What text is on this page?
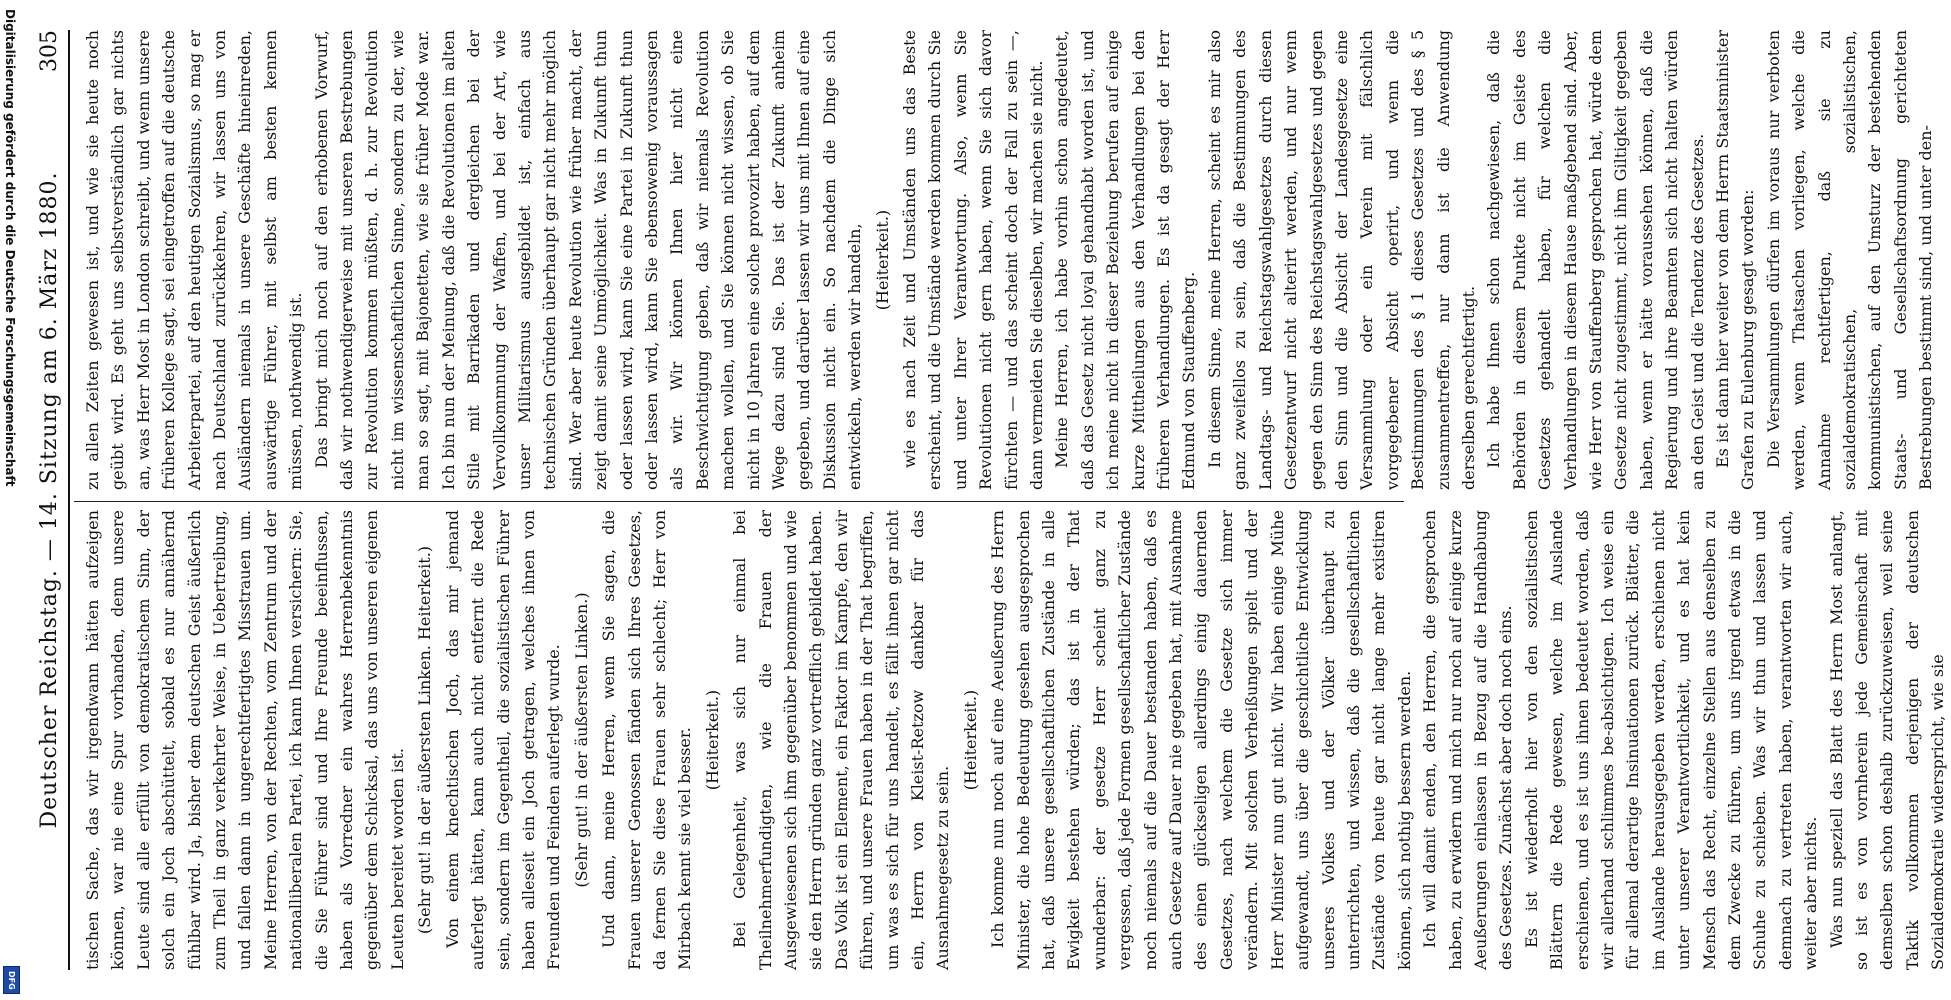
Digitalisierung gefördert durch die Deutsche Forschungsgemeinschaft
DFG
Deutscher Reichstag. — 14. Sitzung am 6. März 1880.
305

tischen Sache, das wir irgendwann hätten aufzeigen können, war nie eine Spur vorhanden, denn unsere Leute sind alle erfüllt von demokratischem Sinn, der solch ein Joch abschüttelt, sobald es nur annähernd fühlbar wird. Ja, bisher dem deutschen Geist äußerlich zum Theil in ganz verkehrter Weise, in Uebertreibung, und fallen dann in ungerechtfertigtes Misstrauen um. Meine Herren, von der Rechten, vom Zentrum und der nationalliberalen Partei, ich kann Ihnen versichern: Sie, die Sie Führer sind und Ihre Freunde beeinflussen, haben als Vorredner ein wahres Herrenbekenntnis gegenüber dem Schicksal, das uns von unseren eigenen Leuten bereitet worden ist. (Sehr gut! in der äußersten Linken. Heiterkeit.) Von einem knechtischen Joch, das mir jemand auferlegt hätten, kann auch nicht entfernt die Rede sein, sondern im Gegentheil, die sozialistischen Führer haben alleseit ein Joch getragen, welches ihnen von Freunden und Feinden auferlegt wurde. (Sehr gut! in der äußersten Linken.) Und dann, meine Herren, wenn Sie sagen, die Frauen unserer Genossen fänden sich Ihres Gesetzes, da fernen Sie diese Frauen sehr schlecht; Herr von Mirbach kennt sie viel besser. (Heiterkeit.) Bei Gelegenheit, was sich nur einmal bei Theilnehmerfundigten, wie die Frauen der Ausgewiesenen sich ihm gegenüber benommen und wie sie den Herrn gründen ganz vortrefflich gebildet haben. Das Volk ist ein Element, ein Faktor im Kampfe, den wir führen, und unsere Frauen haben in der That begriffen, um was es sich für uns handelt, es fällt ihnen gar nicht ein, Herrn von Kleist-Retzow dankbar für das Ausnahmegesetz zu sein.

(Heiterkeit.) Ich komme nun noch auf eine Aeußerung des Herrn Minister, die hohe Bedeutung gesehen ausgesprochen hat, daß unsere gesellschaftlichen Zustände in alle Ewigkeit bestehen würden; das ist in der That wunderbar: der gesetze Herr scheint ganz zu vergessen, daß jede Formen gesellschaftlicher Zustände noch niemals auf die Dauer bestanden haben, daß es auch Gesetze auf Dauer nie gegeben hat, mit Ausnahme des einen glückseligen allerdings einig dauernden Gesetzes, nach welchem die Gesetze sich immer verändern. Mit solchen Verheißungen spielt und der Herr Minister nun gut nicht. Wir haben einige Mühe aufgewandt, uns über die geschichtliche Entwicklung unseres Volkes und der Völker überhaupt zu unterrichten, und wissen, daß die gesellschaftlichen Zustände von heute gar nicht lange mehr existiren können, sich nothig bessern werden. Ich will damit enden, den Herren, die gesprochen haben, zu erwidern und mich nur noch auf einige kurze Aeußerungen einlassen in Bezug auf die Handhabung des Gesetzes. Zunächst aber doch noch eins. Es ist wiederholt hier von den sozialistischen Blättern die Rede gewesen, welche im Auslande erschienen, und es ist uns ihnen bedeutet worden, daß wir allerhand schlimmes be-absichtigen. Ich weise ein für allemal derartige Insinuationen zurück. Blätter, die im Auslande herausgegeben werden, erschienen nicht unter unserer Verantwortlichkeit, und es hat kein Mensch das Recht, einzelne Stellen aus denselben zu dem Zwecke zu führen, um uns irgend etwas in die Schuhe zu schieben. Was wir thun und lassen und demnach zu vertreten haben, verantworten wir auch, weiter aber nichts. Was nun speziell das Blatt des Herrn Most anlangt, so ist es von vornherein jede Gemeinschaft mit demselben schon deshalb zurückzuweisen, weil seine Taktik vollkommen derjenigen der deutschen Sozialdemokratie widerspricht, wie sie

zu allen Zeiten gewesen ist, und wie sie heute noch geübt wird. Es geht uns selbstverständlich gar nichts an, was Herr Most in London schreibt, und wenn unsere früheren Kollege sagt, sei eingetroffen auf die deutsche Arbeiterpartei, auf den heutigen Sozialismus, so mag er nach Deutschland zurückkehren, wir lassen uns von Ausländern niemals in unsere Geschäfte hineinreden, auswärtige Führer, mit selbst am besten kennen müssen, nothwendig ist. Das bringt mich noch auf den erhobenen Vorwurf, daß wir nothwendigerweise mit unseren Bestrebungen zur Revolution kommen müßten, d. h. zur Revolution nicht im wissenschaftlichen Sinne, sondern zu der, wie man so sagt, mit Bajonetten, wie sie früher Mode war. Ich bin nun der Meinung, daß die Revolutionen im alten Stile mit Barrikaden und dergleichen bei der Vervollkommnung der Waffen, und bei der Art, wie unser Militarismus ausgebildet ist, einfach aus technischen Gründen überhaupt gar nicht mehr möglich sind. Wer aber heute Revolution wie früher macht, der zeigt damit seine Unmöglichkeit. Was in Zukunft thun oder lassen wird, kann Sie eine Partei in Zukunft thun oder lassen wird, kann Sie ebensowenig voraussagen als wir. Wir können Ihnen hier nicht eine Beschwichtigung geben, daß wir niemals Revolution machen wollen, und Sie können nicht wissen, ob Sie nicht in 10 Jahren eine solche provozirt haben, auf dem Wege dazu sind Sie. Das ist der Zukunft anheim gegeben, und darüber lassen wir uns mit Ihnen auf eine Diskussion nicht ein. So nachdem die Dinge sich entwickeln, werden wir handeln, (Heiterkeit.) wie es nach Zeit und Umständen uns das Beste erscheint, und die Umstände werden kommen durch Sie und unter Ihrer Verantwortung. Also, wenn Sie Revolutionen nicht gern haben, wenn Sie sich davor fürchten — und das scheint doch der Fall zu sein —, dann vermeiden Sie dieselben, wir machen sie nicht. Meine Herren, ich habe vorhin schon angedeutet, daß das Gesetz nicht loyal gehandhabt worden ist, und ich meine nicht in dieser Beziehung berufen auf einige kurze Mittheilungen aus den Verhandlungen bei den früheren Verhandlungen. Es ist da gesagt der Herr Edmund von Stauffenberg. In diesem Sinne, meine Herren, scheint es mir also ganz zweifellos zu sein, daß die Bestimmungen des Landtags- und Reichstagswahlgesetzes durch diesen Gesetzentwurf nicht alterirt werden, und nur wenn gegen den Sinn des Reichstagswahlgesetzes und gegen den Sinn und die Absicht der Landesgesetze eine Versammlung oder ein Verein mit fälschlich vorgegebener Absicht operirt, und wenn die Bestimmungen des § 1 dieses Gesetzes und des § 5 zusammentreffen, nur dann ist die Anwendung derselben gerechtfertigt. Ich habe Ihnen schon nachgewiesen, daß die Behörden in diesem Punkte nicht im Geiste des Gesetzes gehandelt haben, für welchen die Verhandlungen in diesem Hause maßgebend sind. Aber, wie Herr von Stauffenberg gesprochen hat, würde dem Gesetze nicht zugestimmt, nicht ihm Giltigkeit gegeben haben, wenn er hätte voraussehen können, daß die Regierung und ihre Beamten sich nicht halten würden an den Geist und die Tendenz des Gesetzes. Es ist dann hier weiter von dem Herrn Staatsminister Grafen zu Eulenburg gesagt worden: Die Versammlungen dürfen im voraus nur verboten werden, wenn Thatsachen vorliegen, welche die Annahme rechtfertigen, daß sie zu sozialdemokratischen, sozialistischen, kommunistischen, auf den Umsturz der bestehenden Staats- und Gesellschaftsordnung gerichteten Bestrebungen bestimmt sind, und unter den-
